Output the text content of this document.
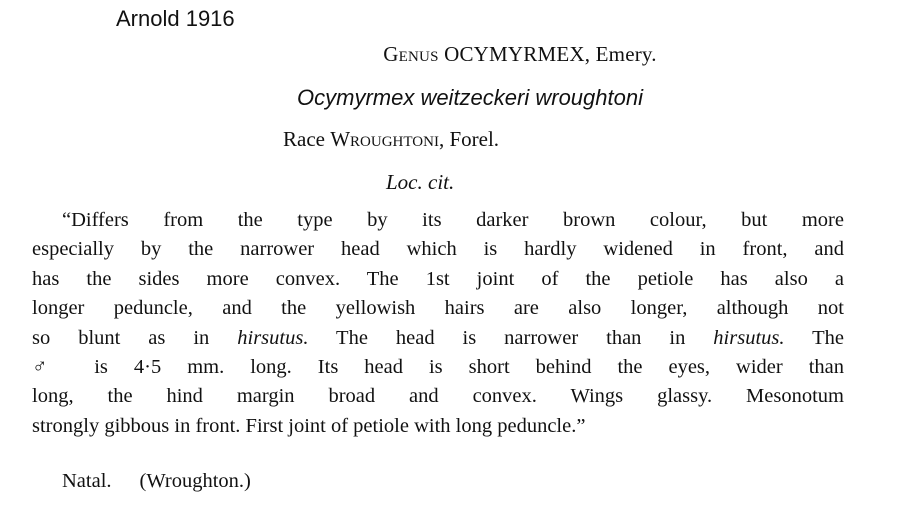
Arnold 1916
Genus OCYMYRMEX, Emery.
Ocymyrmex weitzeckeri wroughtoni
Race Wroughtoni, Forel.
Loc. cit.
“Differs from the type by its darker brown colour, but more
especially by the narrower head which is hardly widened in front, and
has the sides more convex. The 1st joint of the petiole has also a
longer peduncle, and the yellowish hairs are also longer, although not
so blunt as in hirsutus. The head is narrower than in hirsutus. The
♂ is 4·5 mm. long. Its head is short behind the eyes, wider than
long, the hind margin broad and convex. Wings glassy. Mesonotum
strongly gibbous in front. First joint of petiole with long peduncle.”
Natal. (Wroughton.)
